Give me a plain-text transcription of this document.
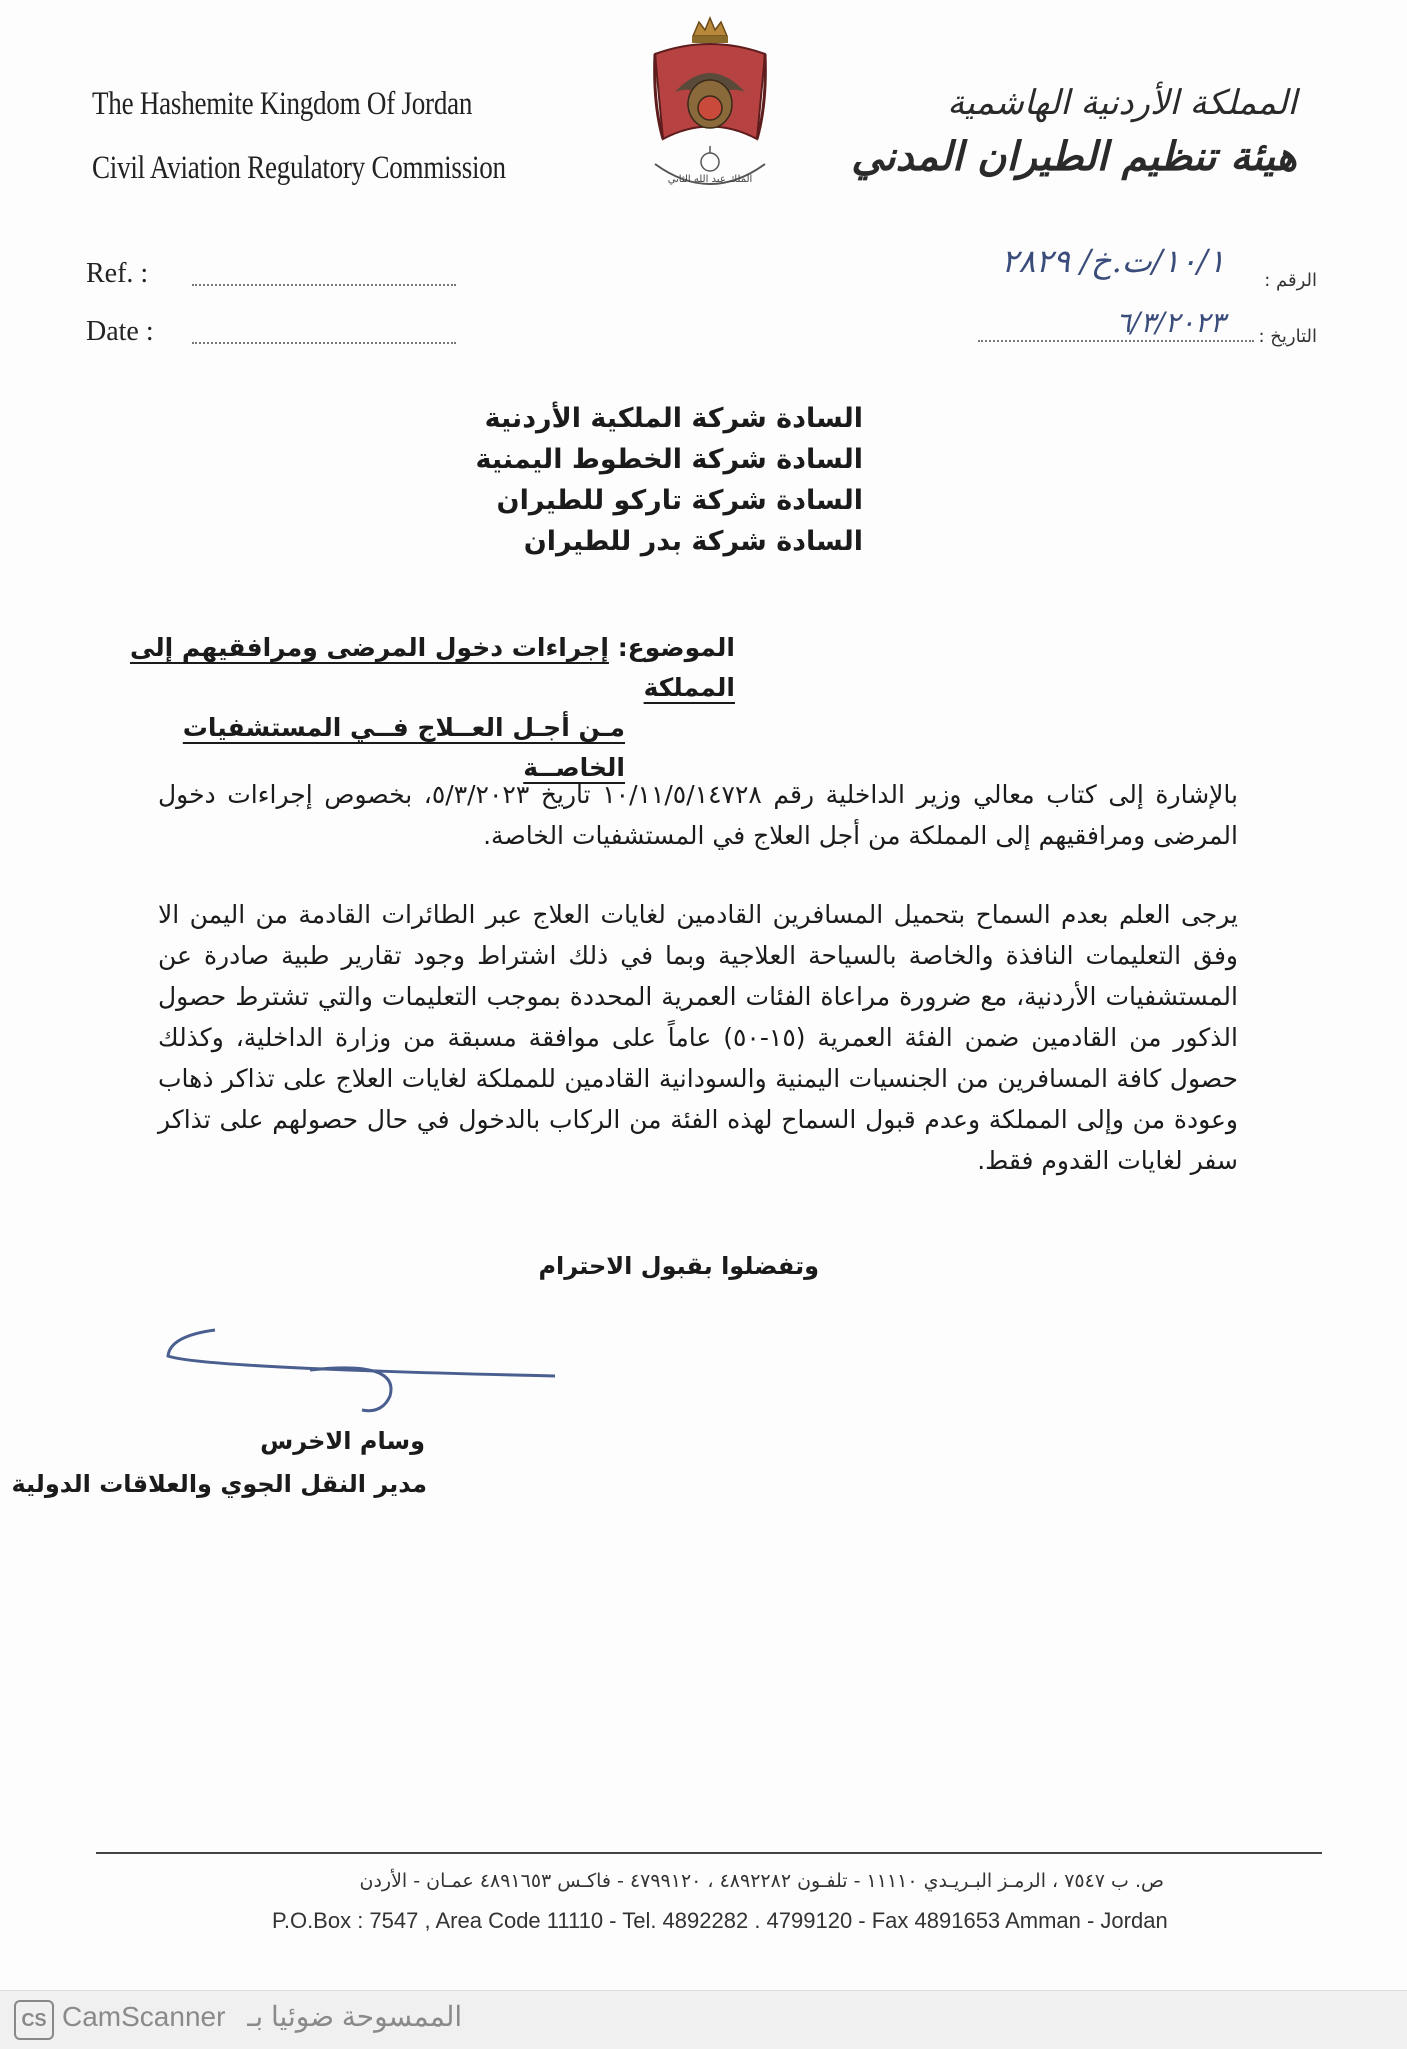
The Hashemite Kingdom Of Jordan
Civil Aviation Regulatory Commission	الملك عبد الله الثاني
المملكة الأردنية الهاشمية
هيئة تنظيم الطيران المدني
Ref. :
Date :
الرقم :
التاريخ :
١٠/١/ت.خ/ ٢٨٢٩
٦/٣/٢٠٢٣
السادة شركة الملكية الأردنية
السادة شركة الخطوط اليمنية
السادة شركة تاركو للطيران
السادة شركة بدر للطيران
الموضوع: إجراءات دخول المرضى ومرافقيهم إلى المملكة
مـن أجـل العــلاج فــي المستشفيات الخاصــة
بالإشارة إلى كتاب معالي وزير الداخلية رقم ١٠/١١/٥/١٤٧٢٨ تاريخ ٥/٣/٢٠٢٣، بخصوص إجراءات دخول المرضى ومرافقيهم إلى المملكة من أجل العلاج في المستشفيات الخاصة.
يرجى العلم بعدم السماح بتحميل المسافرين القادمين لغايات العلاج عبر الطائرات القادمة من اليمن الا وفق التعليمات النافذة والخاصة بالسياحة العلاجية وبما في ذلك اشتراط وجود تقارير طبية صادرة عن المستشفيات الأردنية، مع ضرورة مراعاة الفئات العمرية المحددة بموجب التعليمات والتي تشترط حصول الذكور من القادمين ضمن الفئة العمرية (١٥-٥٠) عاماً على موافقة مسبقة من وزارة الداخلية، وكذلك حصول كافة المسافرين من الجنسيات اليمنية والسودانية القادمين للمملكة لغايات العلاج على تذاكر ذهاب وعودة من وإلى المملكة وعدم قبول السماح لهذه الفئة من الركاب بالدخول في حال حصولهم على تذاكر سفر لغايات القدوم فقط.
وتفضلوا بقبول الاحترام
وسام الاخرس
مدير النقل الجوي والعلاقات الدولية
ص. ب ٧٥٤٧ ، الرمـز البـريـدي ١١١١٠ - تلفـون ٤٨٩٢٢٨٢ ، ٤٧٩٩١٢٠ - فاكـس ٤٨٩١٦٥٣ عمـان - الأردن
P.O.Box : 7547 , Area Code 11110 - Tel. 4892282 . 4799120 - Fax 4891653 Amman - Jordan
CS CamScanner الممسوحة ضوئيا بـ
